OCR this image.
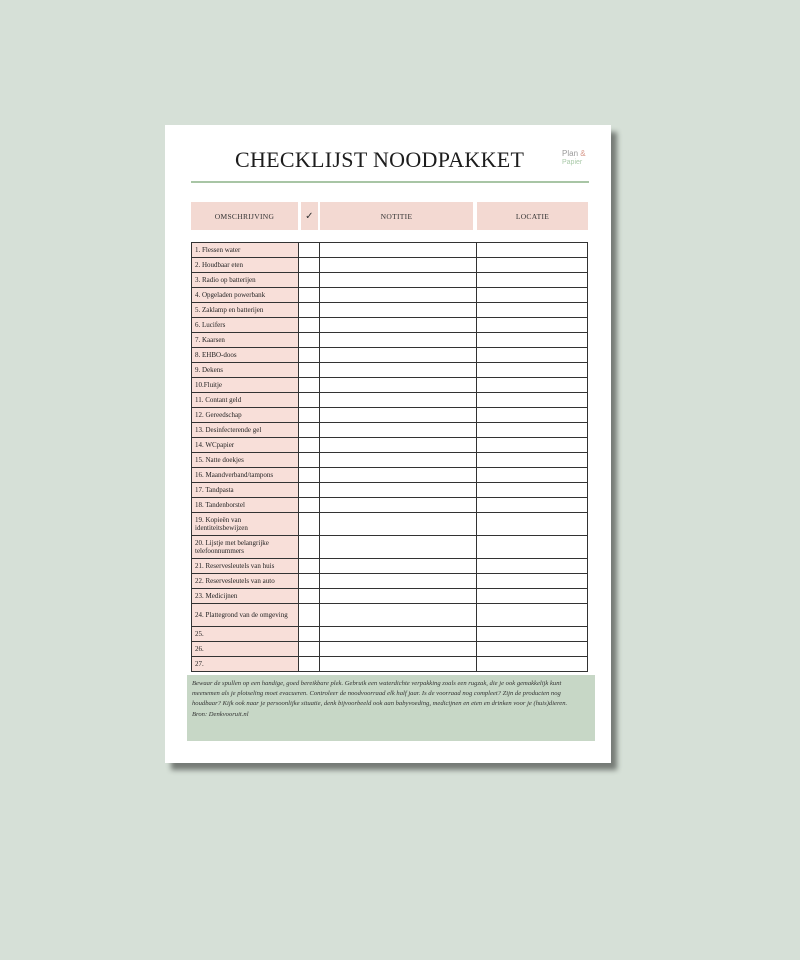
CHECKLIJST NOODPAKKET	Plan &
Papier
OMSCHRIJVING	✓	NOTITIE	LOCATIE
1. Flessen water
2. Houdbaar eten
3. Radio op batterijen
4. Opgeladen powerbank
5. Zaklamp en batterijen
6. Lucifers
7. Kaarsen
8. EHBO-doos
9. Dekens
10.Fluitje
11. Contant geld
12. Gereedschap
13. Desinfecterende gel
14. WCpapier
15. Natte doekjes
16. Maandverband/tampons
17. Tandpasta
18. Tandenborstel
19. Kopieën van identiteitsbewijzen
20. Lijstje met belangrijke telefoonnummers
21. Reservesleutels van huis
22. Reservesleutels van auto
23. Medicijnen
24. Plattegrond van de omgeving
25.
26.
27.
Bewaar de spullen op een handige, goed bereikbare plek. Gebruik een waterdichte verpakking zoals een rugzak, die je ook gemakkelijk kunt meenemen als je plotseling moet evacueren. Controleer de noodvoorraad elk half jaar. Is de voorraad nog compleet? Zijn de producten nog houdbaar? Kijk ook naar je persoonlijke situatie, denk bijvoorbeeld ook aan babyvoeding, medicijnen en eten en drinken voor je (huis)dieren.
Bron: Denkvooruit.nl
